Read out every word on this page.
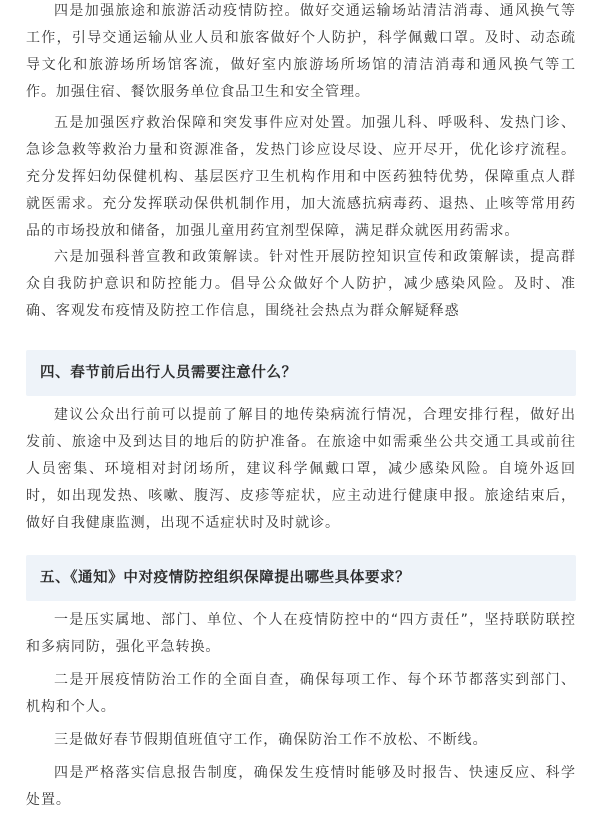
四是加强旅途和旅游活动疫情防控。做好交通运输场站清洁消毒、通风换气等工作，引导交通运输从业人员和旅客做好个人防护，科学佩戴口罩。及时、动态疏导文化和旅游场所场馆客流，做好室内旅游场所场馆的清洁消毒和通风换气等工作。加强住宿、餐饮服务单位食品卫生和安全管理。

五是加强医疗救治保障和突发事件应对处置。加强儿科、呼吸科、发热门诊、急诊急救等救治力量和资源准备，发热门诊应设尽设、应开尽开，优化诊疗流程。充分发挥妇幼保健机构、基层医疗卫生机构作用和中医药独特优势，保障重点人群就医需求。充分发挥联动保供机制作用，加大流感抗病毒药、退热、止咳等常用药品的市场投放和储备，加强儿童用药宜剂型保障，满足群众就医用药需求。

六是加强科普宣教和政策解读。针对性开展防控知识宣传和政策解读，提高群众自我防护意识和防控能力。倡导公众做好个人防护，减少感染风险。及时、准确、客观发布疫情及防控工作信息，围绕社会热点为群众解疑释惑

四、春节前后出行人员需要注意什么？

建议公众出行前可以提前了解目的地传染病流行情况，合理安排行程，做好出发前、旅途中及到达目的地后的防护准备。在旅途中如需乘坐公共交通工具或前往人员密集、环境相对封闭场所，建议科学佩戴口罩，减少感染风险。自境外返回时，如出现发热、咳嗽、腹泻、皮疹等症状，应主动进行健康申报。旅途结束后，做好自我健康监测，出现不适症状时及时就诊。

五、《通知》中对疫情防控组织保障提出哪些具体要求？

一是压实属地、部门、单位、个人在疫情防控中的“四方责任”，坚持联防联控和多病同防，强化平急转换。

二是开展疫情防治工作的全面自查，确保每项工作、每个环节都落实到部门、机构和个人。

三是做好春节假期值班值守工作，确保防治工作不放松、不断线。

四是严格落实信息报告制度，确保发生疫情时能够及时报告、快速反应、科学处置。
